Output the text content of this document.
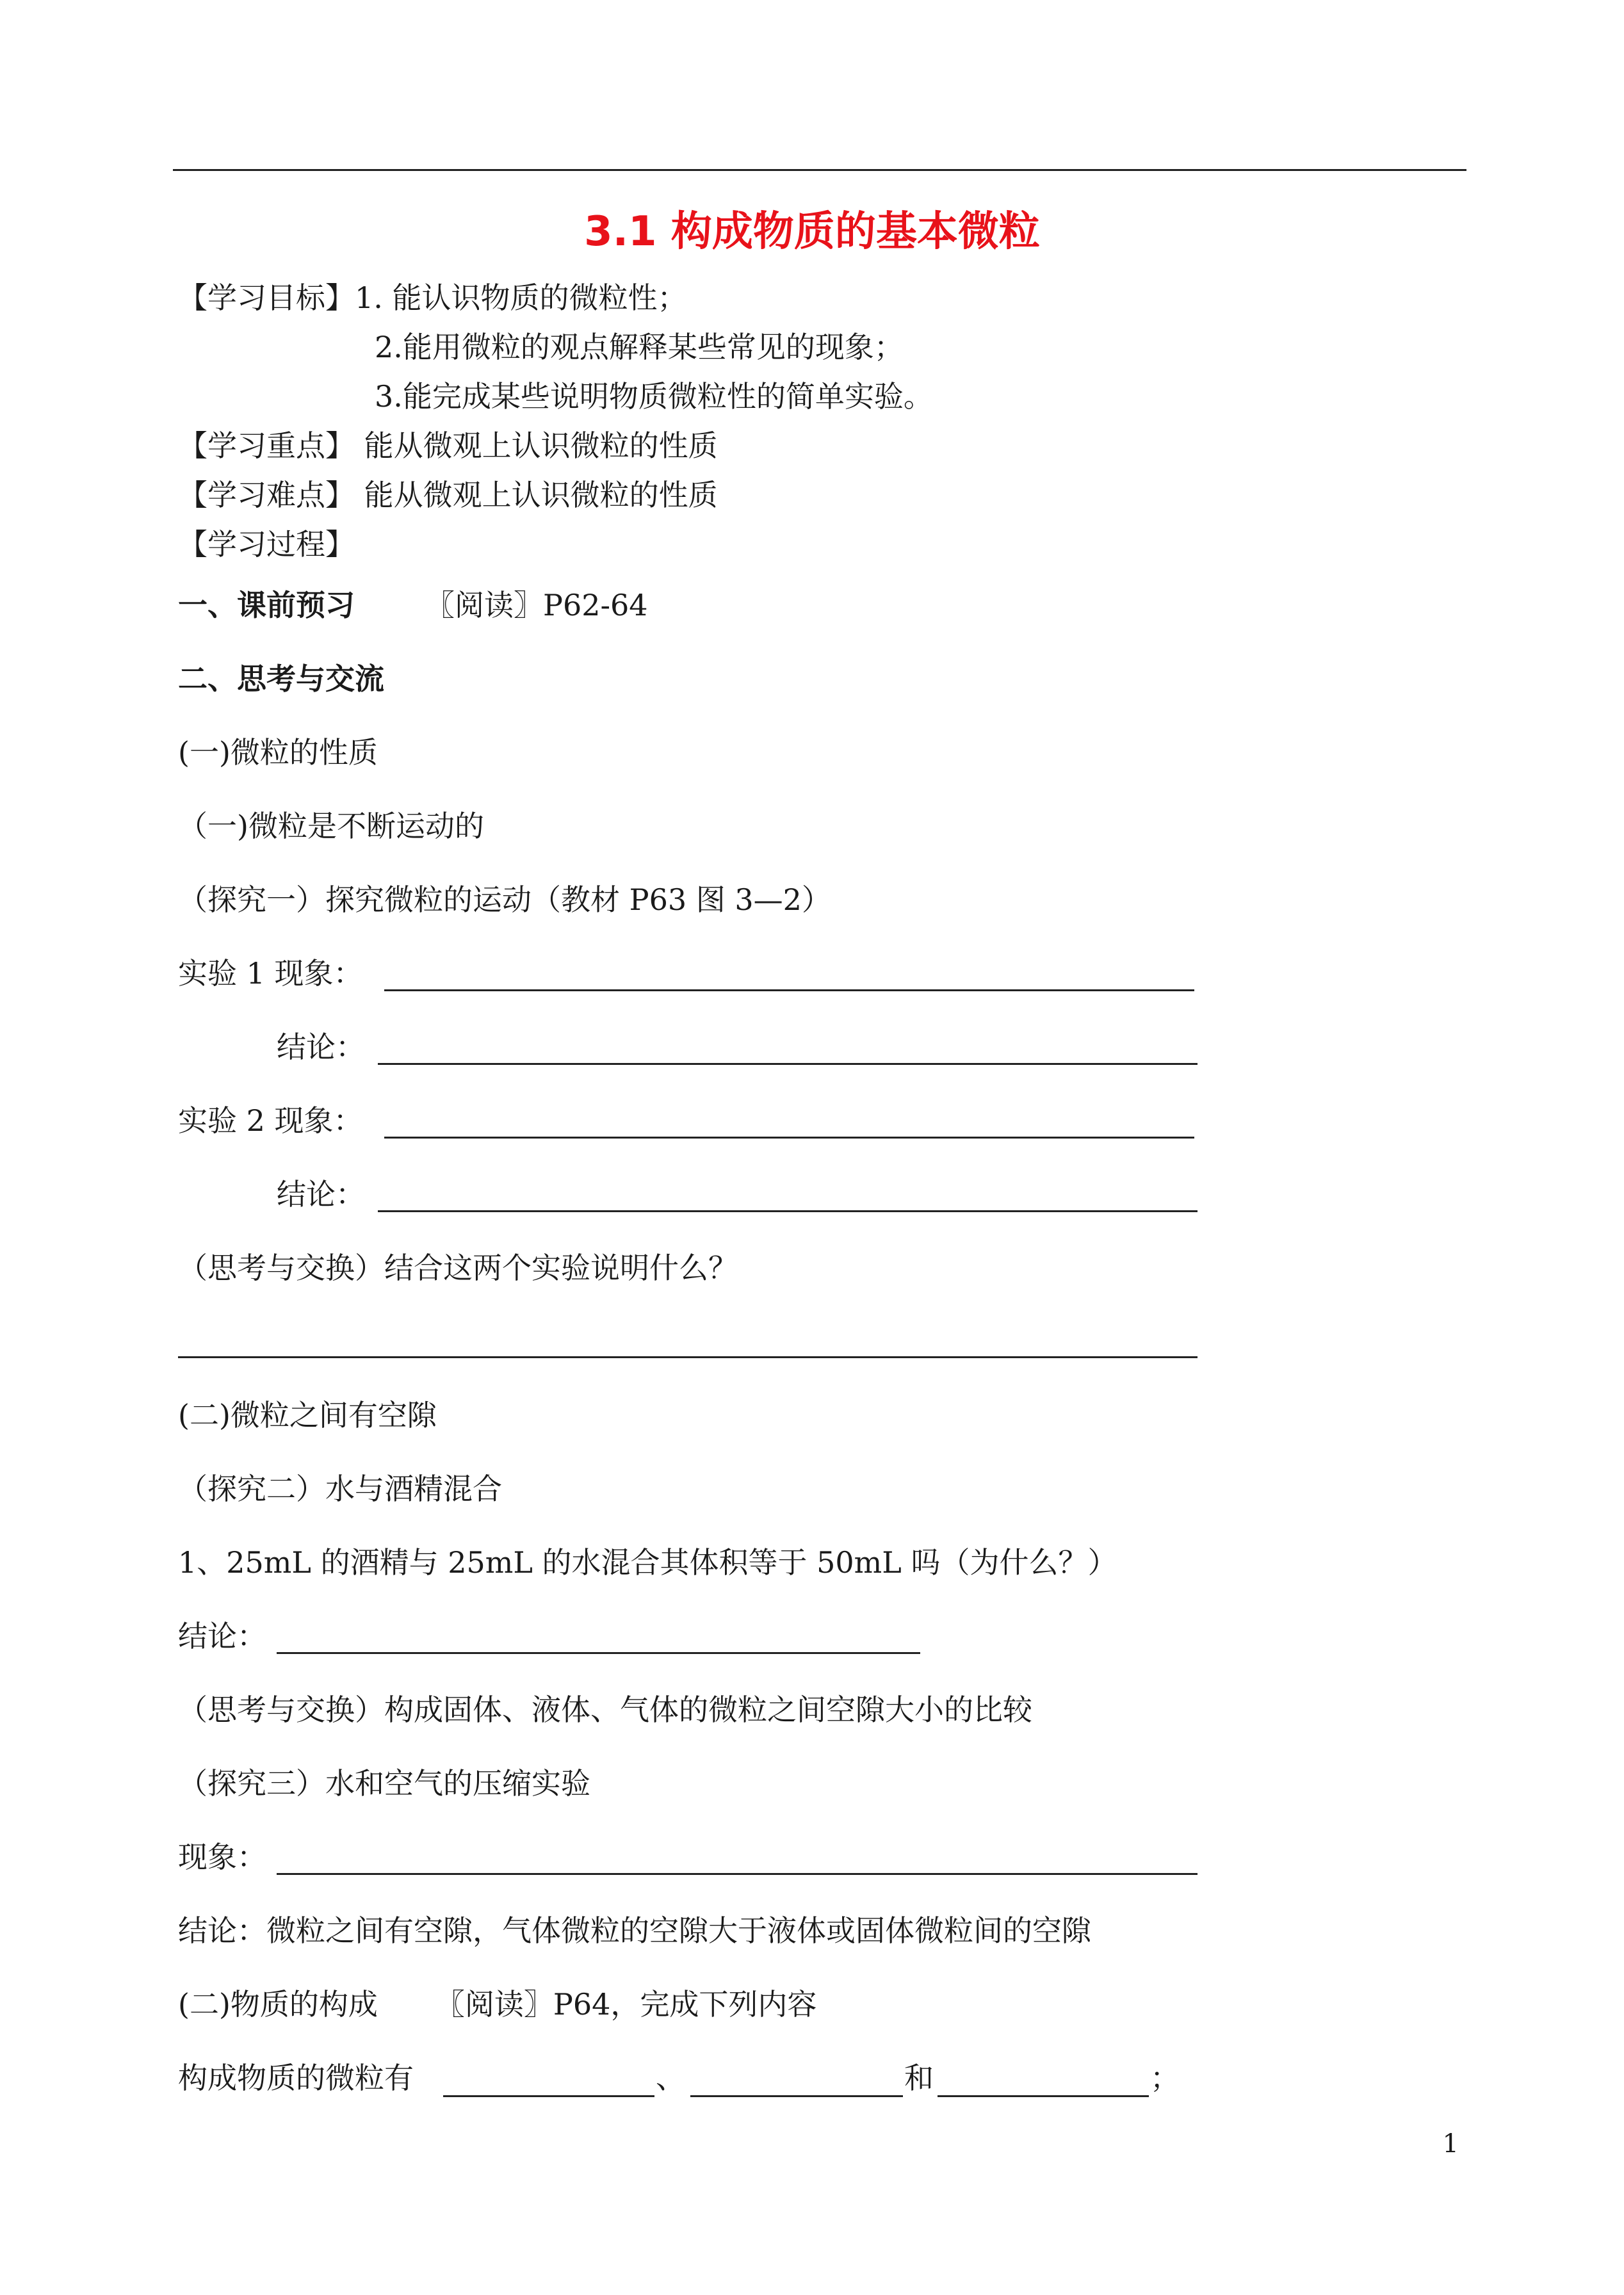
3.1 构成物质的基本微粒
【学习目标】1. 能认识物质的微粒性；
2.能用微粒的观点解释某些常见的现象；
3.能完成某些说明物质微粒性的简单实验。
【学习重点】 能从微观上认识微粒的性质
【学习难点】 能从微观上认识微粒的性质
【学习过程】
一、课前预习 〖阅读〗P62-64
二、思考与交流
(一)微粒的性质
（一)微粒是不断运动的
（探究一）探究微粒的运动（教材 P63 图 3—2）
实验 1 现象：
结论：
实验 2 现象：
结论：
（思考与交换）结合这两个实验说明什么？
(二)微粒之间有空隙
（探究二）水与酒精混合
1、25mL 的酒精与 25mL 的水混合其体积等于 50mL 吗（为什么？）
结论：
（思考与交换）构成固体、液体、气体的微粒之间空隙大小的比较
（探究三）水和空气的压缩实验
现象：
结论：微粒之间有空隙，气体微粒的空隙大于液体或固体微粒间的空隙
(二)物质的构成 〖阅读〗P64，完成下列内容
构成物质的微粒有	、	和	；
1
